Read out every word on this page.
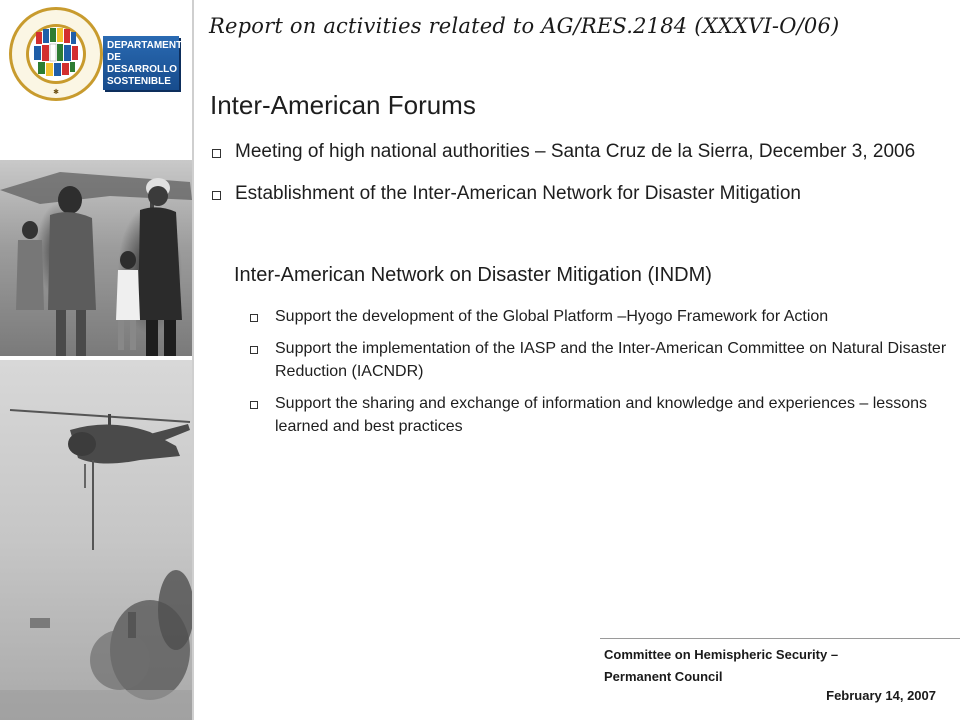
✱
DEPARTAMENTO
DE DESARROLLO
SOSTENIBLE
Report on activities related to AG/RES.2184 (XXXVI-O/06)
Inter-American Forums
Meeting of high national authorities – Santa Cruz de la Sierra, December 3, 2006
Establishment of the Inter-American Network for Disaster Mitigation
Inter-American Network on Disaster Mitigation (INDM)
Support the development of the Global Platform –Hyogo Framework for Action
Support the implementation of the IASP and the Inter-American Committee on Natural Disaster Reduction (IACNDR)
Support the sharing and exchange of information and knowledge and experiences – lessons learned and best practices
Committee on Hemispheric Security –
Permanent Council
February 14, 2007
